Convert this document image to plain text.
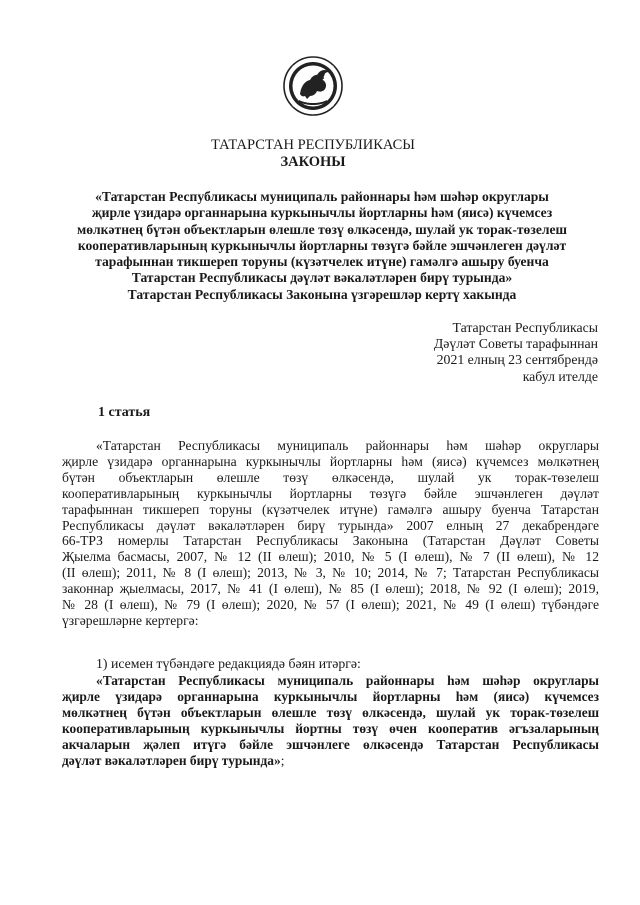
ТАТАРСТАН РЕСПУБЛИКАСЫ
ЗАКОНЫ
«Татарстан Республикасы муниципаль районнары һәм шәһәр округлары
җирле үзидарә органнарына куркынычлы йортларны һәм (яисә) күчемсез
мөлкәтнең бүтән объектларын өлешле төзү өлкәсендә, шулай ук торак-төзелеш
кооперативларының куркынычлы йортларны төзүгә бәйле эшчәнлеген дәүләт
тарафыннан тикшереп торуны (күзәтчелек итүне) гамәлгә ашыру буенча
Татарстан Республикасы дәүләт вәкаләтләрен бирү турында»
Татарстан Республикасы Законына үзгәрешләр кертү хакында
Татарстан Республикасы
Дәүләт Советы тарафыннан
2021 елның 23 сентябрендә
кабул ителде
1 статья
«Татарстан Республикасы муниципаль районнары һәм шәһәр округлары
җирле үзидарә органнарына куркынычлы йортларны һәм (яисә) күчемсез мөлкәтнең
бүтән объектларын өлешле төзү өлкәсендә, шулай ук торак-төзелеш
кооперативларының куркынычлы йортларны төзүгә бәйле эшчәнлеген дәүләт
тарафыннан тикшереп торуны (күзәтчелек итүне) гамәлгә ашыру буенча Татарстан
Республикасы дәүләт вәкаләтләрен бирү турында» 2007 елның 27 декабрендәге
66-ТРЗ номерлы Татарстан Республикасы Законына (Татарстан Дәүләт Советы
Җыелма басмасы, 2007, № 12 (II өлеш); 2010, № 5 (I өлеш), № 7 (II өлеш), № 12
(II өлеш); 2011, № 8 (I өлеш); 2013, № 3, № 10; 2014, № 7; Татарстан Республикасы
законнар җыелмасы, 2017, № 41 (I өлеш), № 85 (I өлеш); 2018, № 92 (I өлеш); 2019,
№ 28 (I өлеш), № 79 (I өлеш); 2020, № 57 (I өлеш); 2021, № 49 (I өлеш) түбәндәге
үзгәрешләрне кертергә:
1) исемен түбәндәге редакциядә бәян итәргә:
«Татарстан Республикасы муниципаль районнары һәм шәһәр округлары
җирле үзидарә органнарына куркынычлы йортларны һәм (яисә) күчемсез
мөлкәтнең бүтән объектларын өлешле төзү өлкәсендә, шулай ук торак-төзелеш
кооперативларының куркынычлы йортны төзү өчен кооператив әгъзаларының
акчаларын җәлеп итүгә бәйле эшчәнлеге өлкәсендә Татарстан Республикасы
дәүләт вәкаләтләрен бирү турында»;
